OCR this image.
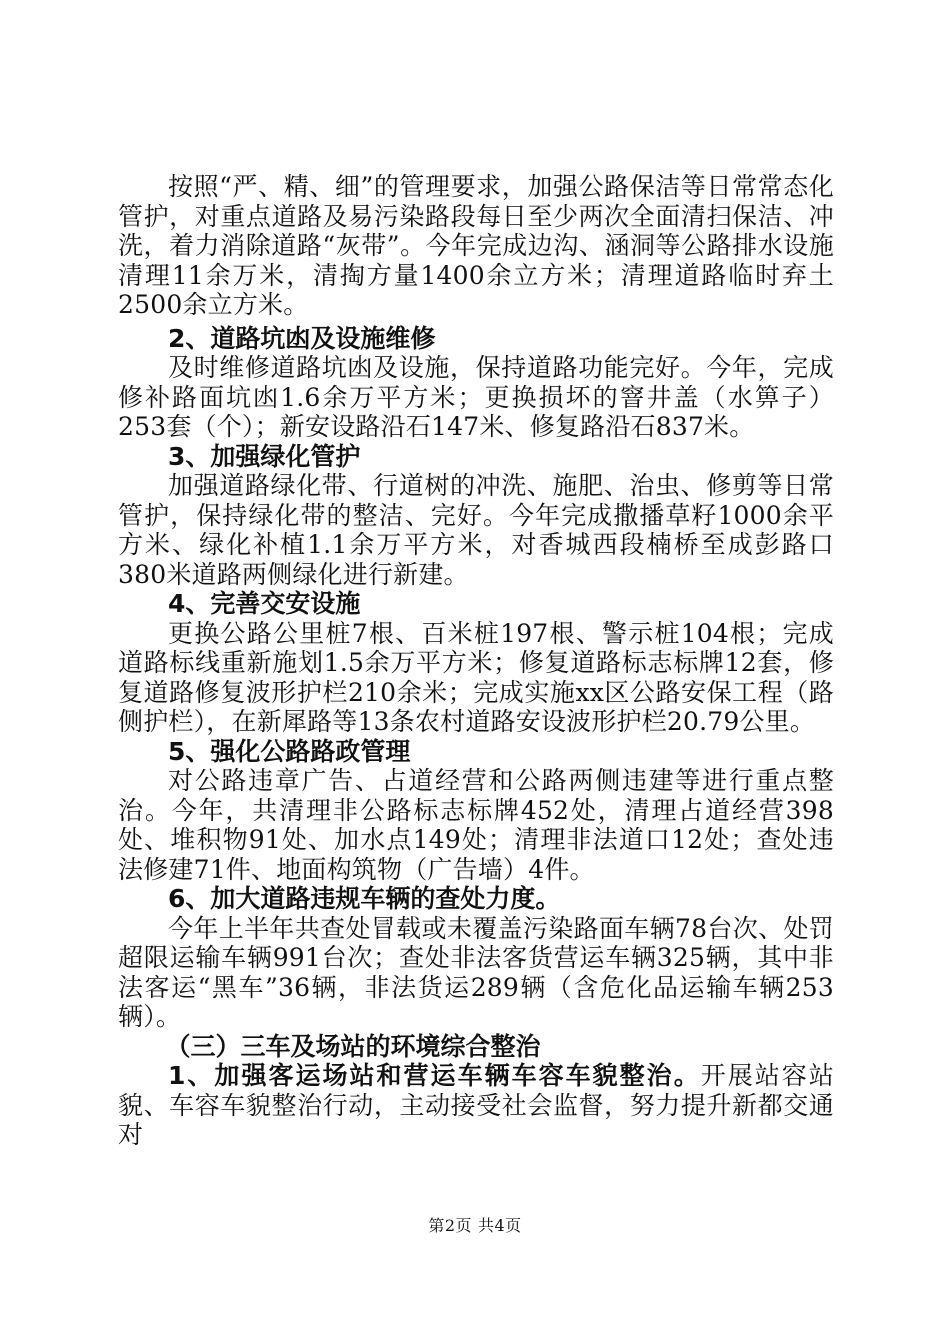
按照“严、精、细”的管理要求，加强公路保洁等日常常态化管护，对重点道路及易污染路段每日至少两次全面清扫保洁、冲洗，着力消除道路“灰带”。今年完成边沟、涵洞等公路排水设施清理11余万米，清掏方量1400余立方米；清理道路临时弃土2500余立方米。

2、道路坑凼及设施维修

及时维修道路坑凼及设施，保持道路功能完好。今年，完成修补路面坑凼1.6余万平方米；更换损坏的窨井盖（水箅子）253套（个）；新安设路沿石147米、修复路沿石837米。

3、加强绿化管护

加强道路绿化带、行道树的冲洗、施肥、治虫、修剪等日常管护，保持绿化带的整洁、完好。今年完成撒播草籽1000余平方米、绿化补植1.1余万平方米，对香城西段楠桥至成彭路口380米道路两侧绿化进行新建。

4、完善交安设施

更换公路公里桩7根、百米桩197根、警示桩104根；完成道路标线重新施划1.5余万平方米；修复道路标志标牌12套，修复道路修复波形护栏210余米；完成实施xx区公路安保工程（路侧护栏），在新犀路等13条农村道路安设波形护栏20.79公里。

5、强化公路路政管理

对公路违章广告、占道经营和公路两侧违建等进行重点整治。今年，共清理非公路标志标牌452处，清理占道经营398处、堆积物91处、加水点149处；清理非法道口12处；查处违法修建71件、地面构筑物（广告墙）4件。

6、加大道路违规车辆的查处力度。

今年上半年共查处冒载或未覆盖污染路面车辆78台次、处罚超限运输车辆991台次；查处非法客货营运车辆325辆，其中非法客运“黑车”36辆，非法货运289辆（含危化品运输车辆253辆）。

（三）三车及场站的环境综合整治

1、加强客运场站和营运车辆车容车貌整治。开展站容站貌、车容车貌整治行动，主动接受社会监督，努力提升新都交通对

第2页 共4页
